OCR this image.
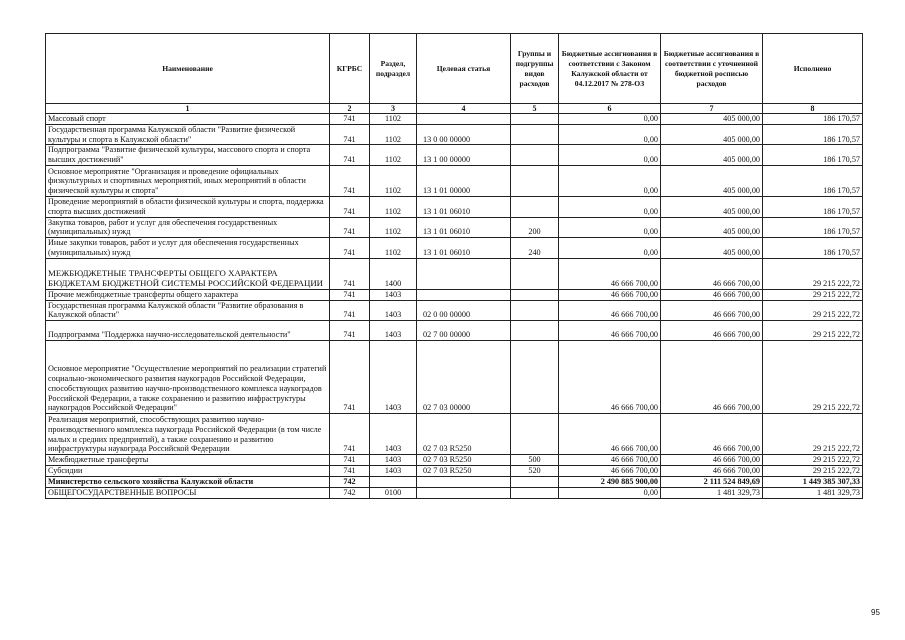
Наименование	КГРБС	Раздел, подраздел	Целевая статья	Группы и подгруппы видов расходов	Бюджетные ассигнования в соответствии с Законом Калужской области от 04.12.2017 № 278-ОЗ	Бюджетные ассигнования в соответствии с уточненной бюджетной росписью расходов	Исполнено
1	2	3	4	5	6	7	8
Массовый спорт	741	1102			0,00	405 000,00	186 170,57
Государственная программа Калужской области "Развитие физической культуры и спорта в Калужской области"	741	1102	13 0 00 00000		0,00	405 000,00	186 170,57
Подпрограмма "Развитие физической культуры, массового спорта и спорта высших достижений"	741	1102	13 1 00 00000		0,00	405 000,00	186 170,57
Основное мероприятие "Организация и проведение официальных физкультурных и спортивных мероприятий, иных мероприятий в области физической культуры и спорта"	741	1102	13 1 01 00000		0,00	405 000,00	186 170,57
Проведение мероприятий в области физической культуры и спорта, поддержка спорта высших достижений	741	1102	13 1 01 06010		0,00	405 000,00	186 170,57
Закупка товаров, работ и услуг для обеспечения государственных (муниципальных) нужд	741	1102	13 1 01 06010	200	0,00	405 000,00	186 170,57
Иные закупки товаров, работ и услуг для обеспечения государственных (муниципальных) нужд	741	1102	13 1 01 06010	240	0,00	405 000,00	186 170,57
МЕЖБЮДЖЕТНЫЕ ТРАНСФЕРТЫ ОБЩЕГО ХАРАКТЕРА БЮДЖЕТАМ БЮДЖЕТНОЙ СИСТЕМЫ РОССИЙСКОЙ ФЕДЕРАЦИИ	741	1400			46 666 700,00	46 666 700,00	29 215 222,72
Прочие межбюджетные трансферты общего характера	741	1403			46 666 700,00	46 666 700,00	29 215 222,72
Государственная программа Калужской области "Развитие образования в Калужской области"	741	1403	02 0 00 00000		46 666 700,00	46 666 700,00	29 215 222,72
Подпрограмма "Поддержка научно-исследовательской деятельности"	741	1403	02 7 00 00000		46 666 700,00	46 666 700,00	29 215 222,72
Основное мероприятие "Осуществление мероприятий по реализации стратегий социально-экономического развития наукоградов Российской Федерации, способствующих развитию научно-производственного комплекса наукоградов Российской Федерации, а также сохранению и развитию инфраструктуры наукоградов Российской Федерации"	741	1403	02 7 03 00000		46 666 700,00	46 666 700,00	29 215 222,72
Реализация мероприятий, способствующих развитию научно-производственного комплекса наукограда Российской Федерации (в том числе малых и средних предприятий), а также сохранению и развитию инфраструктуры наукограда Российской Федерации	741	1403	02 7 03 R5250		46 666 700,00	46 666 700,00	29 215 222,72
Межбюджетные трансферты	741	1403	02 7 03 R5250	500	46 666 700,00	46 666 700,00	29 215 222,72
Субсидии	741	1403	02 7 03 R5250	520	46 666 700,00	46 666 700,00	29 215 222,72
Министерство сельского хозяйства Калужской области	742				2 490 885 900,00	2 111 524 849,69	1 449 385 307,33
ОБЩЕГОСУДАРСТВЕННЫЕ ВОПРОСЫ	742	0100			0,00	1 481 329,73	1 481 329,73
95
